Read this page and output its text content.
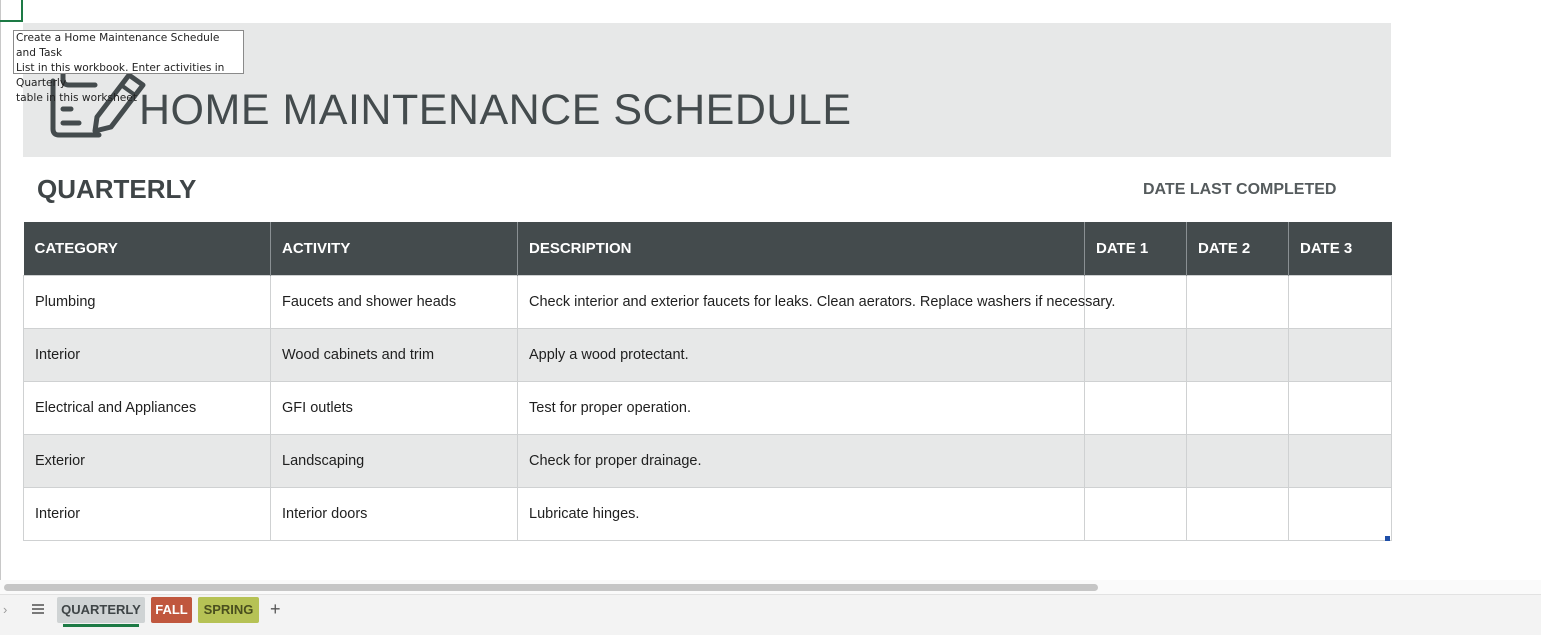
HOME MAINTENANCE SCHEDULE
Create a Home Maintenance Schedule and Task
List in this workbook. Enter activities in Quarterly
table in this worksheet
QUARTERLY	DATE LAST COMPLETED
CATEGORY	ACTIVITY	DESCRIPTION	DATE 1	DATE 2	DATE 3
Plumbing	Faucets and shower heads	Check interior and exterior faucets for leaks. Clean aerators. Replace washers if necessary.			
Interior	Wood cabinets and trim	Apply a wood protectant.			
Electrical and Appliances	GFI outlets	Test for proper operation.			
Exterior	Landscaping	Check for proper drainage.			
Interior	Interior doors	Lubricate hinges.			
›	QUARTERLY	FALL	SPRING +
